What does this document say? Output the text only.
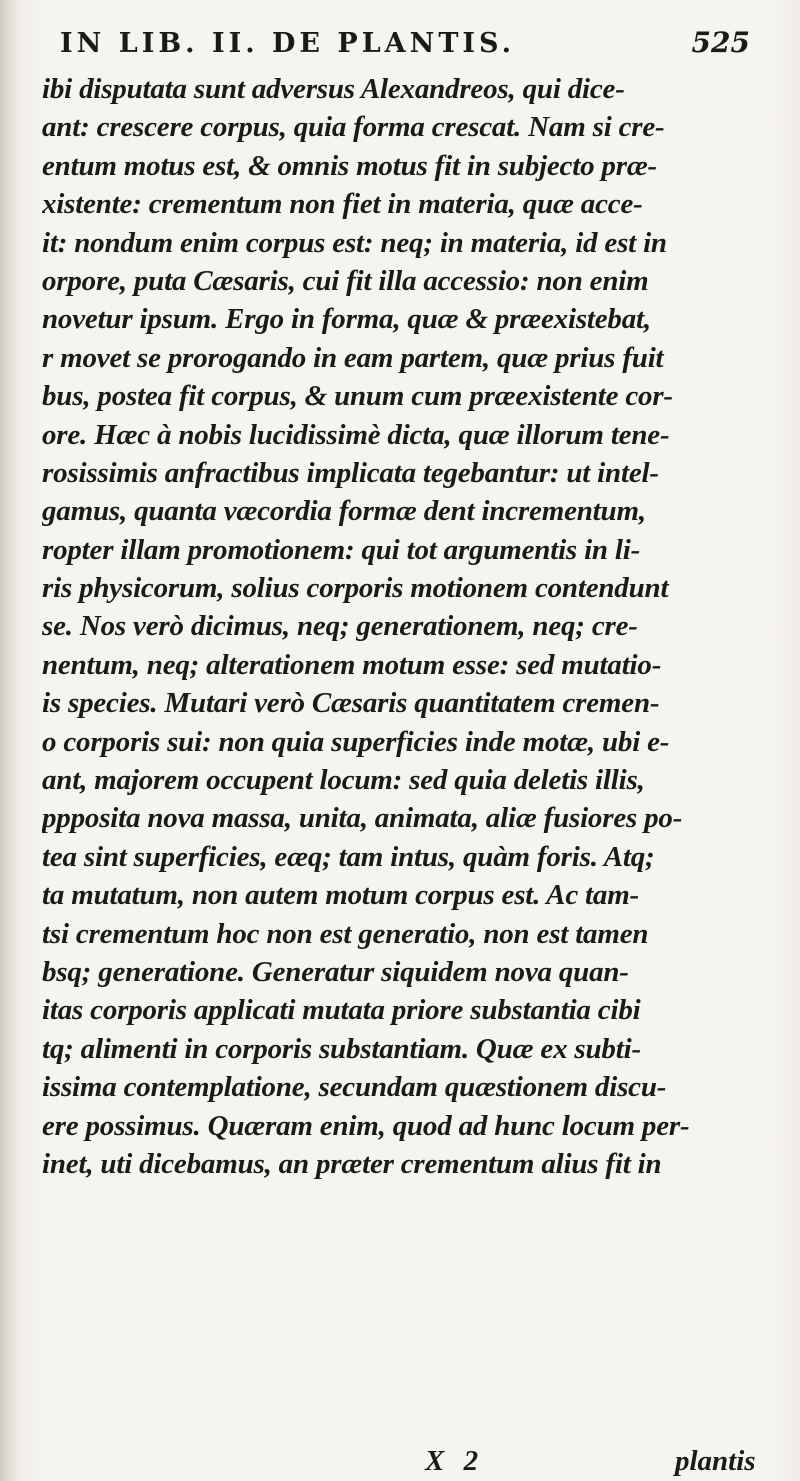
IN LIB. II. DE PLANTIS.	525
ibi disputata sunt adversus Alexandreos, qui dice-
ant: crescere corpus, quia forma crescat. Nam si cre-
entum motus est, & omnis motus fit in subjecto præ-
xistente: crementum non fiet in materia, quæ acce-
it: nondum enim corpus est: neq; in materia, id est in
orpore, puta Cæsaris, cui fit illa accessio: non enim
novetur ipsum. Ergo in forma, quæ & præexistebat,
r movet se prorogando in eam partem, quæ prius fuit
bus, postea fit corpus, & unum cum præexistente cor-
ore. Hæc à nobis lucidissimè dicta, quæ illorum tene-
rosissimis anfractibus implicata tegebantur: ut intel-
gamus, quanta væcordia formæ dent incrementum,
ropter illam promotionem: qui tot argumentis in li-
ris physicorum, solius corporis motionem contendunt
se. Nos verò dicimus, neq; generationem, neq; cre-
nentum, neq; alterationem motum esse: sed mutatio-
is species. Mutari verò Cæsaris quantitatem cremen-
o corporis sui: non quia superficies inde motæ, ubi e-
ant, majorem occupent locum: sed quia deletis illis,
ppposita nova massa, unita, animata, aliæ fusiores po-
tea sint superficies, eæq; tam intus, quàm foris. Atq;
ta mutatum, non autem motum corpus est. Ac tam-
tsi crementum hoc non est generatio, non est tamen
bsq; generatione. Generatur siquidem nova quan-
itas corporis applicati mutata priore substantia cibi
tq; alimenti in corporis substantiam. Quæ ex subti-
issima contemplatione, secundam quæstionem discu-
ere possimus. Quæram enim, quod ad hunc locum per-
inet, uti dicebamus, an præter crementum alius fit in
X 2	plantis
